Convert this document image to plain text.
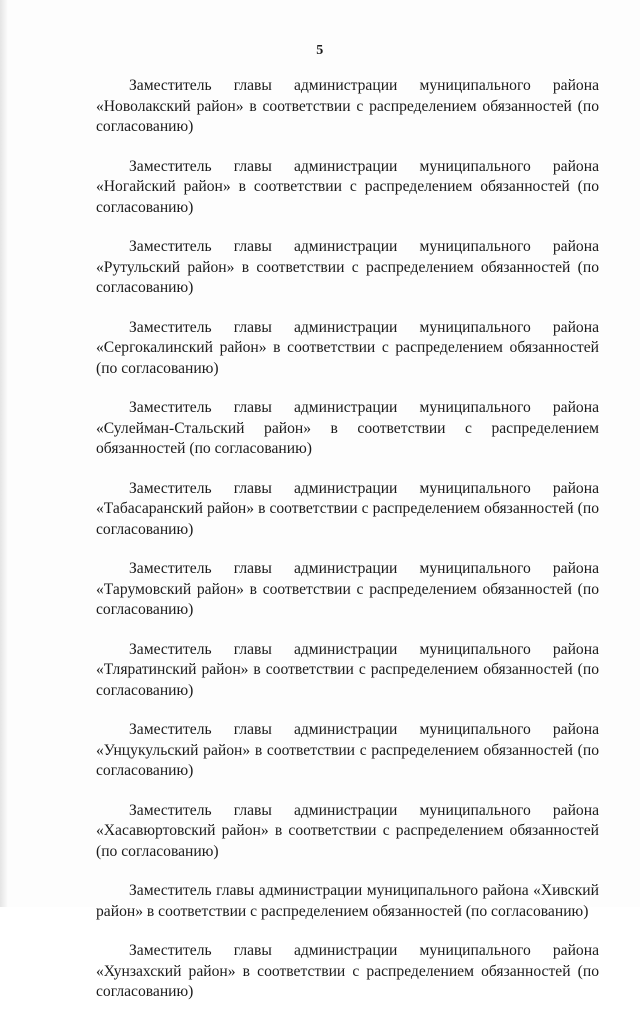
5

Заместитель главы администрации муниципального района «Новолакский район» в соответствии с распределением обязанностей (по согласованию)

Заместитель главы администрации муниципального района «Ногайский район» в соответствии с распределением обязанностей (по согласованию)

Заместитель главы администрации муниципального района «Рутульский район» в соответствии с распределением обязанностей (по согласованию)

Заместитель главы администрации муниципального района «Сергокалинский район» в соответствии с распределением обязанностей (по согласованию)

Заместитель главы администрации муниципального района «Сулейман-Стальский район» в соответствии с распределением обязанностей (по согласованию)

Заместитель главы администрации муниципального района «Табасаранский район» в соответствии с распределением обязанностей (по согласованию)

Заместитель главы администрации муниципального района «Тарумовский район» в соответствии с распределением обязанностей (по согласованию)

Заместитель главы администрации муниципального района «Тляратинский район» в соответствии с распределением обязанностей (по согласованию)

Заместитель главы администрации муниципального района «Унцукульский район» в соответствии с распределением обязанностей (по согласованию)

Заместитель главы администрации муниципального района «Хасавюртовский район» в соответствии с распределением обязанностей (по согласованию)

Заместитель главы администрации муниципального района «Хивский район» в соответствии с распределением обязанностей (по согласованию)

Заместитель главы администрации муниципального района «Хунзахский район» в соответствии с распределением обязанностей (по согласованию)
